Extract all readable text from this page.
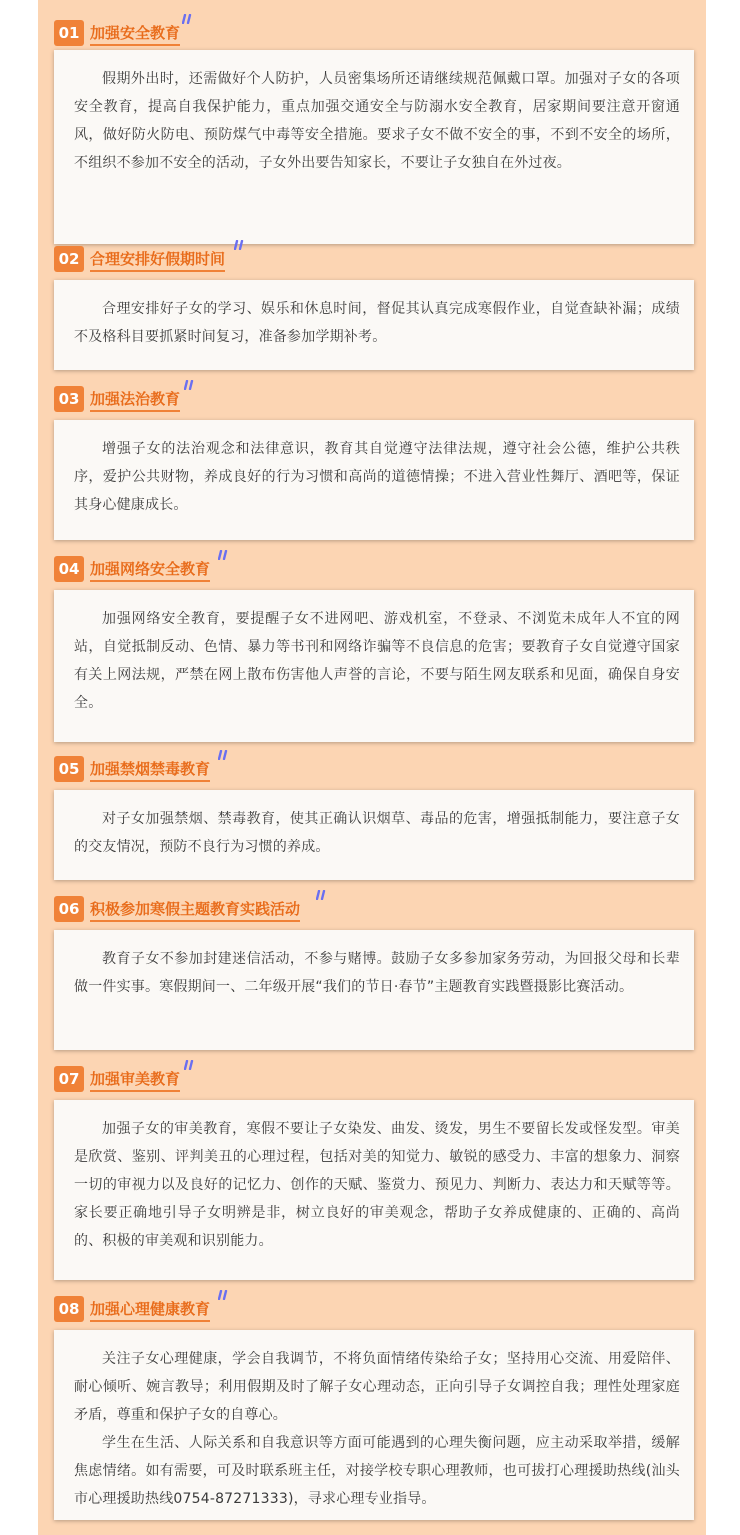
01 加强安全教育

假期外出时，还需做好个人防护，人员密集场所还请继续规范佩戴口罩。加强对子女的各项安全教育，提高自我保护能力，重点加强交通安全与防溺水安全教育，居家期间要注意开窗通风，做好防火防电、预防煤气中毒等安全措施。要求子女不做不安全的事，不到不安全的场所，不组织不参加不安全的活动，子女外出要告知家长，不要让子女独自在外过夜。

02 合理安排好假期时间

合理安排好子女的学习、娱乐和休息时间，督促其认真完成寒假作业，自觉查缺补漏；成绩不及格科目要抓紧时间复习，准备参加学期补考。

03 加强法治教育

增强子女的法治观念和法律意识，教育其自觉遵守法律法规，遵守社会公德，维护公共秩序，爱护公共财物，养成良好的行为习惯和高尚的道德情操；不进入营业性舞厅、酒吧等，保证其身心健康成长。

04 加强网络安全教育

加强网络安全教育，要提醒子女不进网吧、游戏机室，不登录、不浏览未成年人不宜的网站，自觉抵制反动、色情、暴力等书刊和网络诈骗等不良信息的危害；要教育子女自觉遵守国家有关上网法规，严禁在网上散布伤害他人声誉的言论，不要与陌生网友联系和见面，确保自身安全。

05 加强禁烟禁毒教育

对子女加强禁烟、禁毒教育，使其正确认识烟草、毒品的危害，增强抵制能力，要注意子女的交友情况，预防不良行为习惯的养成。

06 积极参加寒假主题教育实践活动

教育子女不参加封建迷信活动，不参与赌博。鼓励子女多参加家务劳动，为回报父母和长辈做一件实事。寒假期间一、二年级开展“我们的节日·春节”主题教育实践暨摄影比赛活动。

07 加强审美教育

加强子女的审美教育，寒假不要让子女染发、曲发、烫发，男生不要留长发或怪发型。审美是欣赏、鉴别、评判美丑的心理过程，包括对美的知觉力、敏锐的感受力、丰富的想象力、洞察一切的审视力以及良好的记忆力、创作的天赋、鉴赏力、预见力、判断力、表达力和天赋等等。家长要正确地引导子女明辨是非，树立良好的审美观念，帮助子女养成健康的、正确的、高尚的、积极的审美观和识别能力。

08 加强心理健康教育

关注子女心理健康，学会自我调节，不将负面情绪传染给子女；坚持用心交流、用爱陪伴、耐心倾听、婉言教导；利用假期及时了解子女心理动态，正向引导子女调控自我；理性处理家庭矛盾，尊重和保护子女的自尊心。

学生在生活、人际关系和自我意识等方面可能遇到的心理失衡问题，应主动采取举措，缓解焦虑情绪。如有需要，可及时联系班主任，对接学校专职心理教师，也可拔打心理援助热线(汕头市心理援助热线0754-87271333)，寻求心理专业指导。
